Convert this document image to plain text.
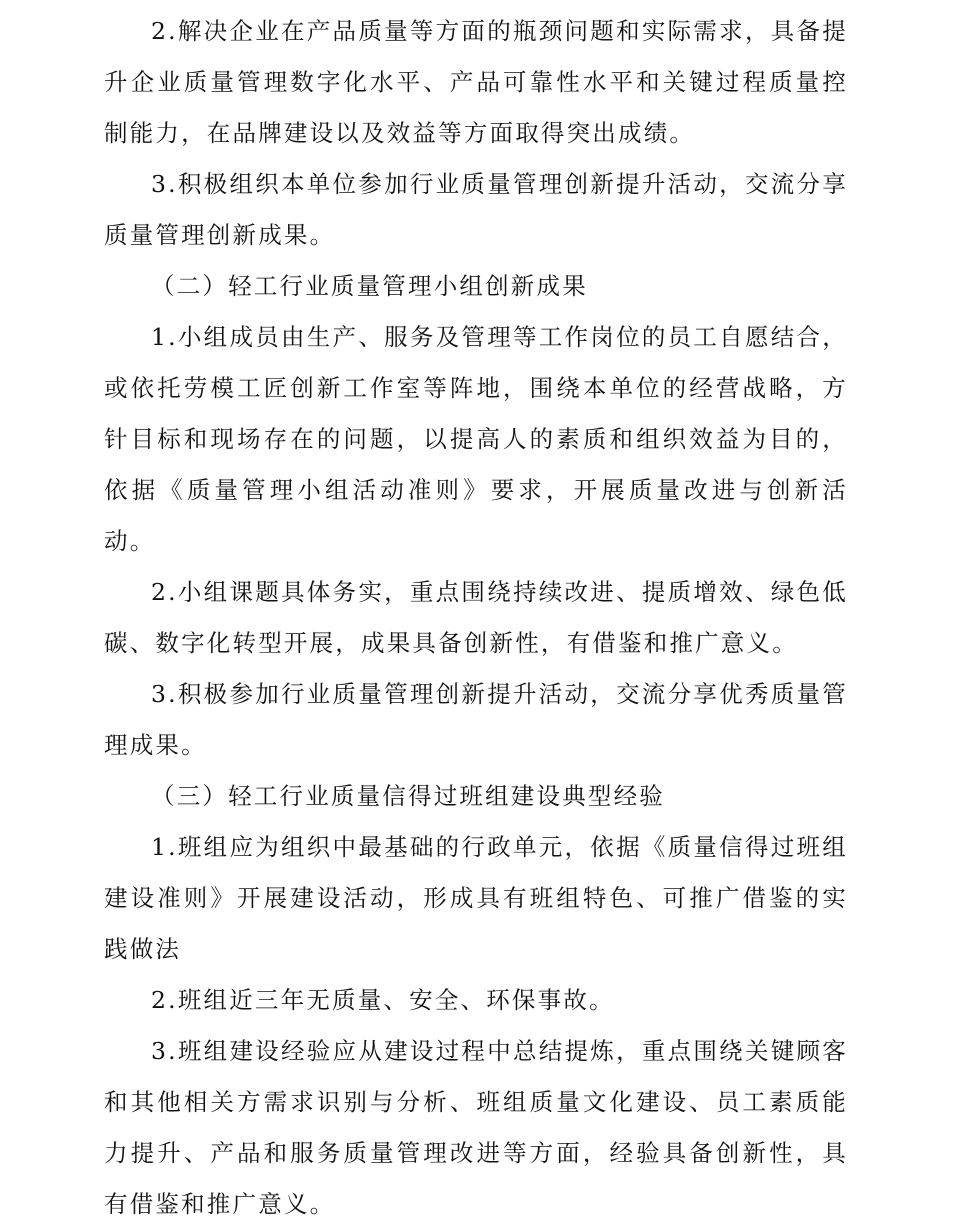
2.解决企业在产品质量等方面的瓶颈问题和实际需求，具备提升企业质量管理数字化水平、产品可靠性水平和关键过程质量控制能力，在品牌建设以及效益等方面取得突出成绩。

3.积极组织本单位参加行业质量管理创新提升活动，交流分享质量管理创新成果。

（二）轻工行业质量管理小组创新成果

1.小组成员由生产、服务及管理等工作岗位的员工自愿结合，或依托劳模工匠创新工作室等阵地，围绕本单位的经营战略，方针目标和现场存在的问题，以提高人的素质和组织效益为目的，依据《质量管理小组活动准则》要求，开展质量改进与创新活动。

2.小组课题具体务实，重点围绕持续改进、提质增效、绿色低碳、数字化转型开展，成果具备创新性，有借鉴和推广意义。

3.积极参加行业质量管理创新提升活动，交流分享优秀质量管理成果。

（三）轻工行业质量信得过班组建设典型经验

1.班组应为组织中最基础的行政单元，依据《质量信得过班组建设准则》开展建设活动，形成具有班组特色、可推广借鉴的实践做法

2.班组近三年无质量、安全、环保事故。

3.班组建设经验应从建设过程中总结提炼，重点围绕关键顾客和其他相关方需求识别与分析、班组质量文化建设、员工素质能力提升、产品和服务质量管理改进等方面，经验具备创新性，具有借鉴和推广意义。
